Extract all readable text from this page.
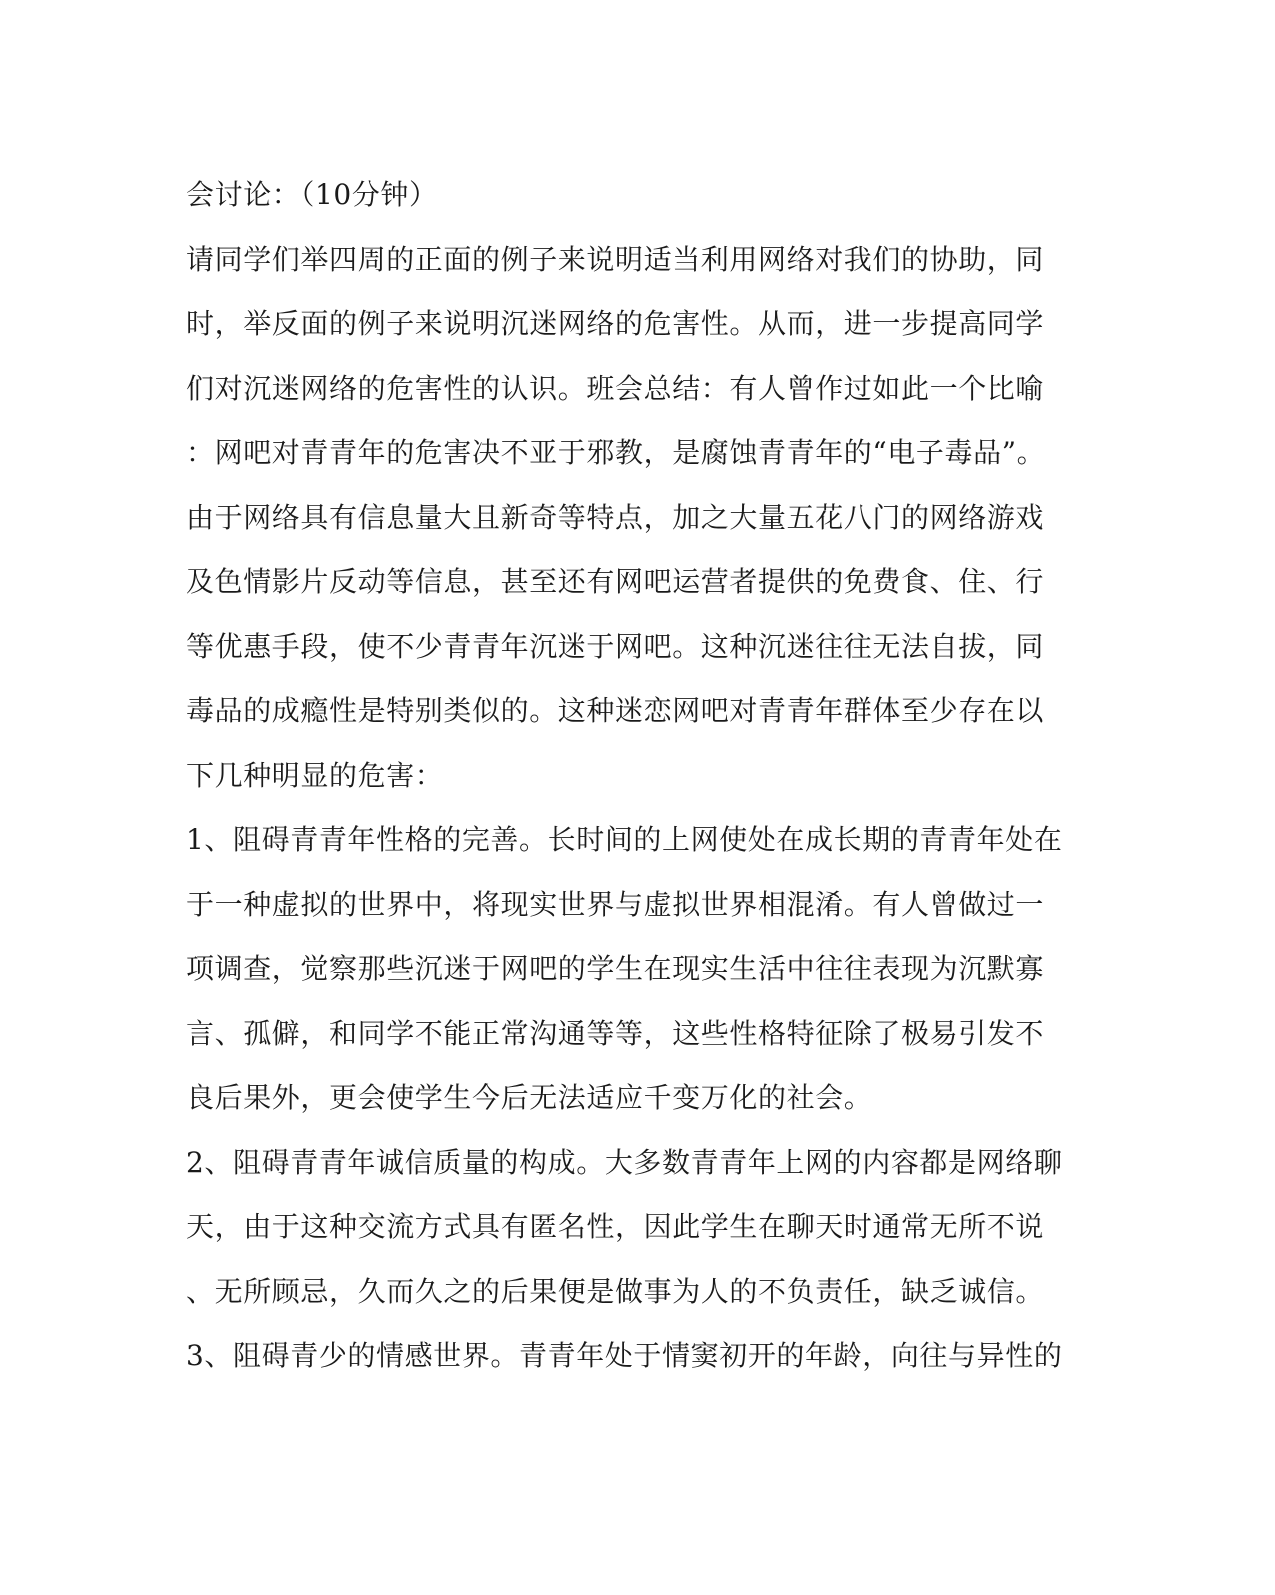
会讨论：（10分钟）

请同学们举四周的正面的例子来说明适当利用网络对我们的协助，同

时，举反面的例子来说明沉迷网络的危害性。从而，进一步提高同学

们对沉迷网络的危害性的认识。班会总结：有人曾作过如此一个比喻

：网吧对青青年的危害决不亚于邪教，是腐蚀青青年的“电子毒品”。

由于网络具有信息量大且新奇等特点，加之大量五花八门的网络游戏

及色情影片反动等信息，甚至还有网吧运营者提供的免费食、住、行

等优惠手段，使不少青青年沉迷于网吧。这种沉迷往往无法自拔，同

毒品的成瘾性是特别类似的。这种迷恋网吧对青青年群体至少存在以

下几种明显的危害：

1、阻碍青青年性格的完善。长时间的上网使处在成长期的青青年处在

于一种虚拟的世界中，将现实世界与虚拟世界相混淆。有人曾做过一

项调查，觉察那些沉迷于网吧的学生在现实生活中往往表现为沉默寡

言、孤僻，和同学不能正常沟通等等，这些性格特征除了极易引发不

良后果外，更会使学生今后无法适应千变万化的社会。

2、阻碍青青年诚信质量的构成。大多数青青年上网的内容都是网络聊

天，由于这种交流方式具有匿名性，因此学生在聊天时通常无所不说

、无所顾忌，久而久之的后果便是做事为人的不负责任，缺乏诚信。

3、阻碍青少的情感世界。青青年处于情窦初开的年龄，向往与异性的
